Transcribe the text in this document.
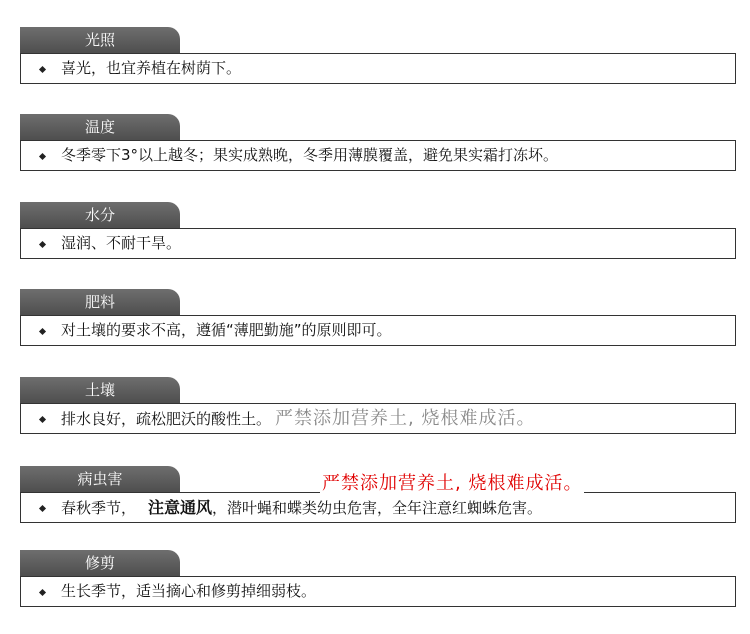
光照
喜光，也宜养植在树荫下。
温度
冬季零下3°以上越冬；果实成熟晚，冬季用薄膜覆盖，避免果实霜打冻坏。
水分
湿润、不耐干旱。
肥料
对土壤的要求不高，遵循“薄肥勤施”的原则即可。
土壤
排水良好，疏松肥沃的酸性土。 严禁添加营养土, 烧根难成活。
病虫害
春秋季节， 注意通风，潜叶蝇和蝶类幼虫危害，全年注意红蜘蛛危害。
严禁添加营养土, 烧根难成活。
修剪
生长季节，适当摘心和修剪掉细弱枝。
